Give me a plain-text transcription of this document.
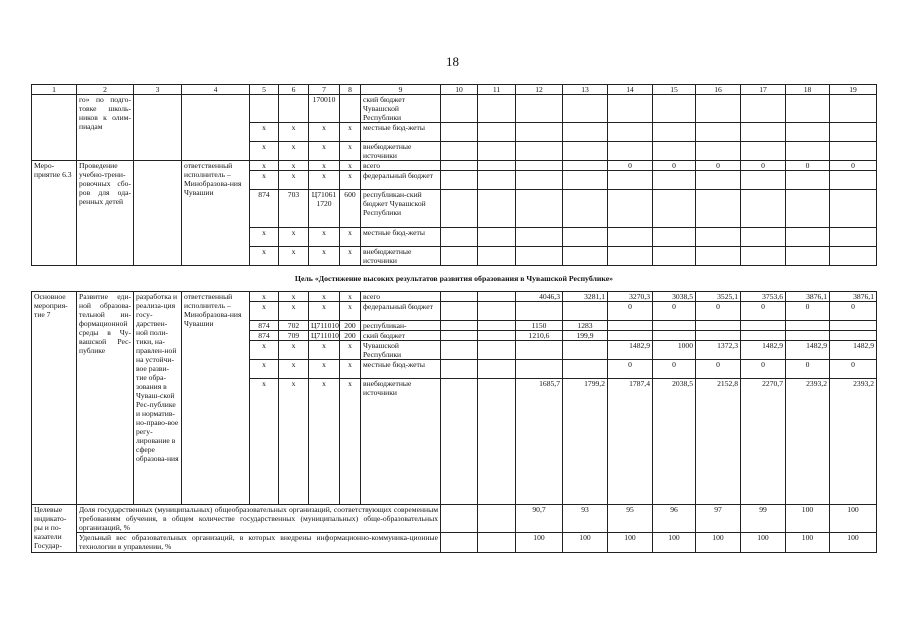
18
1	2	3	4	5	6	7	8	9	10	11	12	13	14	15	16	17	18	19
	го» по подго-товке школь-ников к олим-пиадам					170010		ский бюджет Чувашской Республики										
				x	x	x	x	местные бюд-жеты										
				x	x	x	x	внебюджетные источники										
Меро-приятие 6.3	Проведение учебно-трени-ровочных сбо-ров для ода-ренных детей		ответственный исполнитель – Минобразова-ния Чувашии	x	x	x	x	всего					0	0	0	0	0	0
				x	x	x	x	федеральный бюджет										
				874	703	Ц71061 1720	600	республикан-ский бюджет Чувашской Республики										
				x	x	x	x	местные бюд-жеты										
				x	x	x	x	внебюджетные источники										
Цель «Достижение высоких результатов развития образования в Чувашской Республике»																		
Основное мероприя-тие 7	Развитие еди-ной образова-тельной ин-формационной среды в Чу-вашской Рес-публике	разработка и реализа-ция госу-дарствен-ной поли-тики, на-правлен-ной на устойчи-вое разви-тие обра-зования в Чуваш-ской Рес-публике и норматив-но-право-вое регу-лирование в сфере образова-ния	ответственный исполнитель – Минобразова-ния Чувашии	x	x	x	x	всего			4046,3	3281,1	3270,3	3038,5	3525,1	3753,6	3876,1	3876,1
				x	x	x	x	федеральный бюджет					0	0	0	0	0	0
				874	702	Ц711010	200	республикан-			1150	1283						
				874	709	Ц711010	200	ский бюджет			1210,6	199,9						
				x	x	x	x	Чувашской Республики					1482,9	1000	1372,3	1482,9	1482,9	1482,9
				x	x	x	x	местные бюд-жеты					0	0	0	0	0	0
				x	x	x	x	внебюджетные источники			1685,7	1799,2	1787,4	2038,5	2152,8	2270,7	2393,2	2393,2
Целевые индикато-ры и по-казатели Государ-	Доля государственных (муниципальных) общеобразовательных организаций, соответствующих современным требованиям обучения, в общем количестве государственных (муниципальных) обще-образовательных организаций, %										90,7	93	95	96	97	99	100	100
	Удельный вес образовательных организаций, в которых внедрены информационно-коммуника-ционные технологии в управлении, %										100	100	100	100	100	100	100	100
